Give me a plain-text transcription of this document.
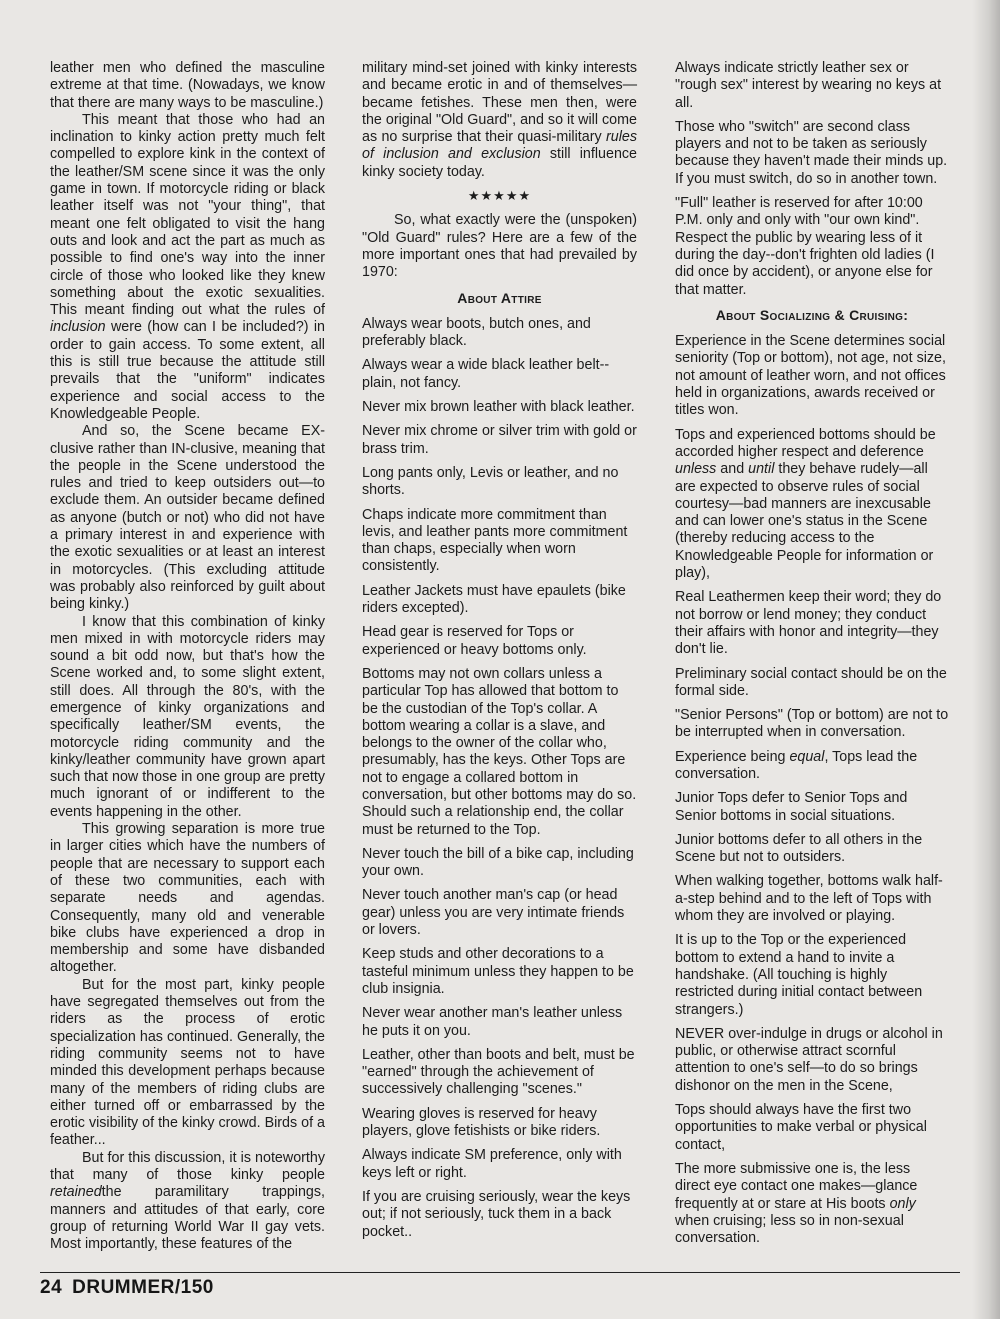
leather men who defined the masculine extreme at that time. (Nowadays, we know that there are many ways to be masculine.)

This meant that those who had an inclination to kinky action pretty much felt compelled to explore kink in the context of the leather/SM scene since it was the only game in town. If motorcycle riding or black leather itself was not "your thing", that meant one felt obligated to visit the hang outs and look and act the part as much as possible to find one's way into the inner circle of those who looked like they knew something about the exotic sexualities. This meant finding out what the rules of inclusion were (how can I be included?) in order to gain access. To some extent, all this is still true because the attitude still prevails that the "uniform" indicates experience and social access to the Knowledgeable People.

And so, the Scene became EX-clusive rather than IN-clusive, meaning that the people in the Scene understood the rules and tried to keep outsiders out—to exclude them. An outsider became defined as anyone (butch or not) who did not have a primary interest in and experience with the exotic sexualities or at least an interest in motorcycles. (This excluding attitude was probably also reinforced by guilt about being kinky.)

I know that this combination of kinky men mixed in with motorcycle riders may sound a bit odd now, but that's how the Scene worked and, to some slight extent, still does. All through the 80's, with the emergence of kinky organizations and specifically leather/SM events, the motorcycle riding community and the kinky/leather community have grown apart such that now those in one group are pretty much ignorant of or indifferent to the events happening in the other.

This growing separation is more true in larger cities which have the numbers of people that are necessary to support each of these two communities, each with separate needs and agendas. Consequently, many old and venerable bike clubs have experienced a drop in membership and some have disbanded altogether.

But for the most part, kinky people have segregated themselves out from the riders as the process of erotic specialization has continued. Generally, the riding community seems not to have minded this development perhaps because many of the members of riding clubs are either turned off or embarrassed by the erotic visibility of the kinky crowd. Birds of a feather...

But for this discussion, it is noteworthy that many of those kinky people retainedthe paramilitary trappings, manners and attitudes of that early, core group of returning World War II gay vets. Most importantly, these features of the

military mind-set joined with kinky interests and became erotic in and of themselves—became fetishes. These men then, were the original "Old Guard", and so it will come as no surprise that their quasi-military rules of inclusion and exclusion still influence kinky society today.

★★★★★

So, what exactly were the (unspoken) "Old Guard" rules? Here are a few of the more important ones that had prevailed by 1970:

About Attire

Always wear boots, butch ones, and preferably black.

Always wear a wide black leather belt--plain, not fancy.

Never mix brown leather with black leather.

Never mix chrome or silver trim with gold or brass trim.

Long pants only, Levis or leather, and no shorts.

Chaps indicate more commitment than levis, and leather pants more commitment than chaps, especially when worn consistently.

Leather Jackets must have epaulets (bike riders excepted).

Head gear is reserved for Tops or experienced or heavy bottoms only.

Bottoms may not own collars unless a particular Top has allowed that bottom to be the custodian of the Top's collar. A bottom wearing a collar is a slave, and belongs to the owner of the collar who, presumably, has the keys. Other Tops are not to engage a collared bottom in conversation, but other bottoms may do so. Should such a relationship end, the collar must be returned to the Top.

Never touch the bill of a bike cap, including your own.

Never touch another man's cap (or head gear) unless you are very intimate friends or lovers.

Keep studs and other decorations to a tasteful minimum unless they happen to be club insignia.

Never wear another man's leather unless he puts it on you.

Leather, other than boots and belt, must be "earned" through the achievement of successively challenging "scenes."

Wearing gloves is reserved for heavy players, glove fetishists or bike riders.

Always indicate SM preference, only with keys left or right.

If you are cruising seriously, wear the keys out; if not seriously, tuck them in a back pocket..

Always indicate strictly leather sex or "rough sex" interest by wearing no keys at all.

Those who "switch" are second class players and not to be taken as seriously because they haven't made their minds up. If you must switch, do so in another town.

"Full" leather is reserved for after 10:00 P.M. only and only with "our own kind". Respect the public by wearing less of it during the day--don't frighten old ladies (I did once by accident), or anyone else for that matter.

About Socializing & Cruising:

Experience in the Scene determines social seniority (Top or bottom), not age, not size, not amount of leather worn, and not offices held in organizations, awards received or titles won.

Tops and experienced bottoms should be accorded higher respect and deference unless and until they behave rudely—all are expected to observe rules of social courtesy—bad manners are inexcusable and can lower one's status in the Scene (thereby reducing access to the Knowledgeable People for information or play),

Real Leathermen keep their word; they do not borrow or lend money; they conduct their affairs with honor and integrity—they don't lie.

Preliminary social contact should be on the formal side.

"Senior Persons" (Top or bottom) are not to be interrupted when in conversation.

Experience being equal, Tops lead the conversation.

Junior Tops defer to Senior Tops and Senior bottoms in social situations.

Junior bottoms defer to all others in the Scene but not to outsiders.

When walking together, bottoms walk half-a-step behind and to the left of Tops with whom they are involved or playing.

It is up to the Top or the experienced bottom to extend a hand to invite a handshake. (All touching is highly restricted during initial contact between strangers.)

NEVER over-indulge in drugs or alcohol in public, or otherwise attract scornful attention to one's self—to do so brings dishonor on the men in the Scene,

Tops should always have the first two opportunities to make verbal or physical contact,

The more submissive one is, the less direct eye contact one makes—glance frequently at or stare at His boots only when cruising; less so in non-sexual conversation.

24 DRUMMER/150
